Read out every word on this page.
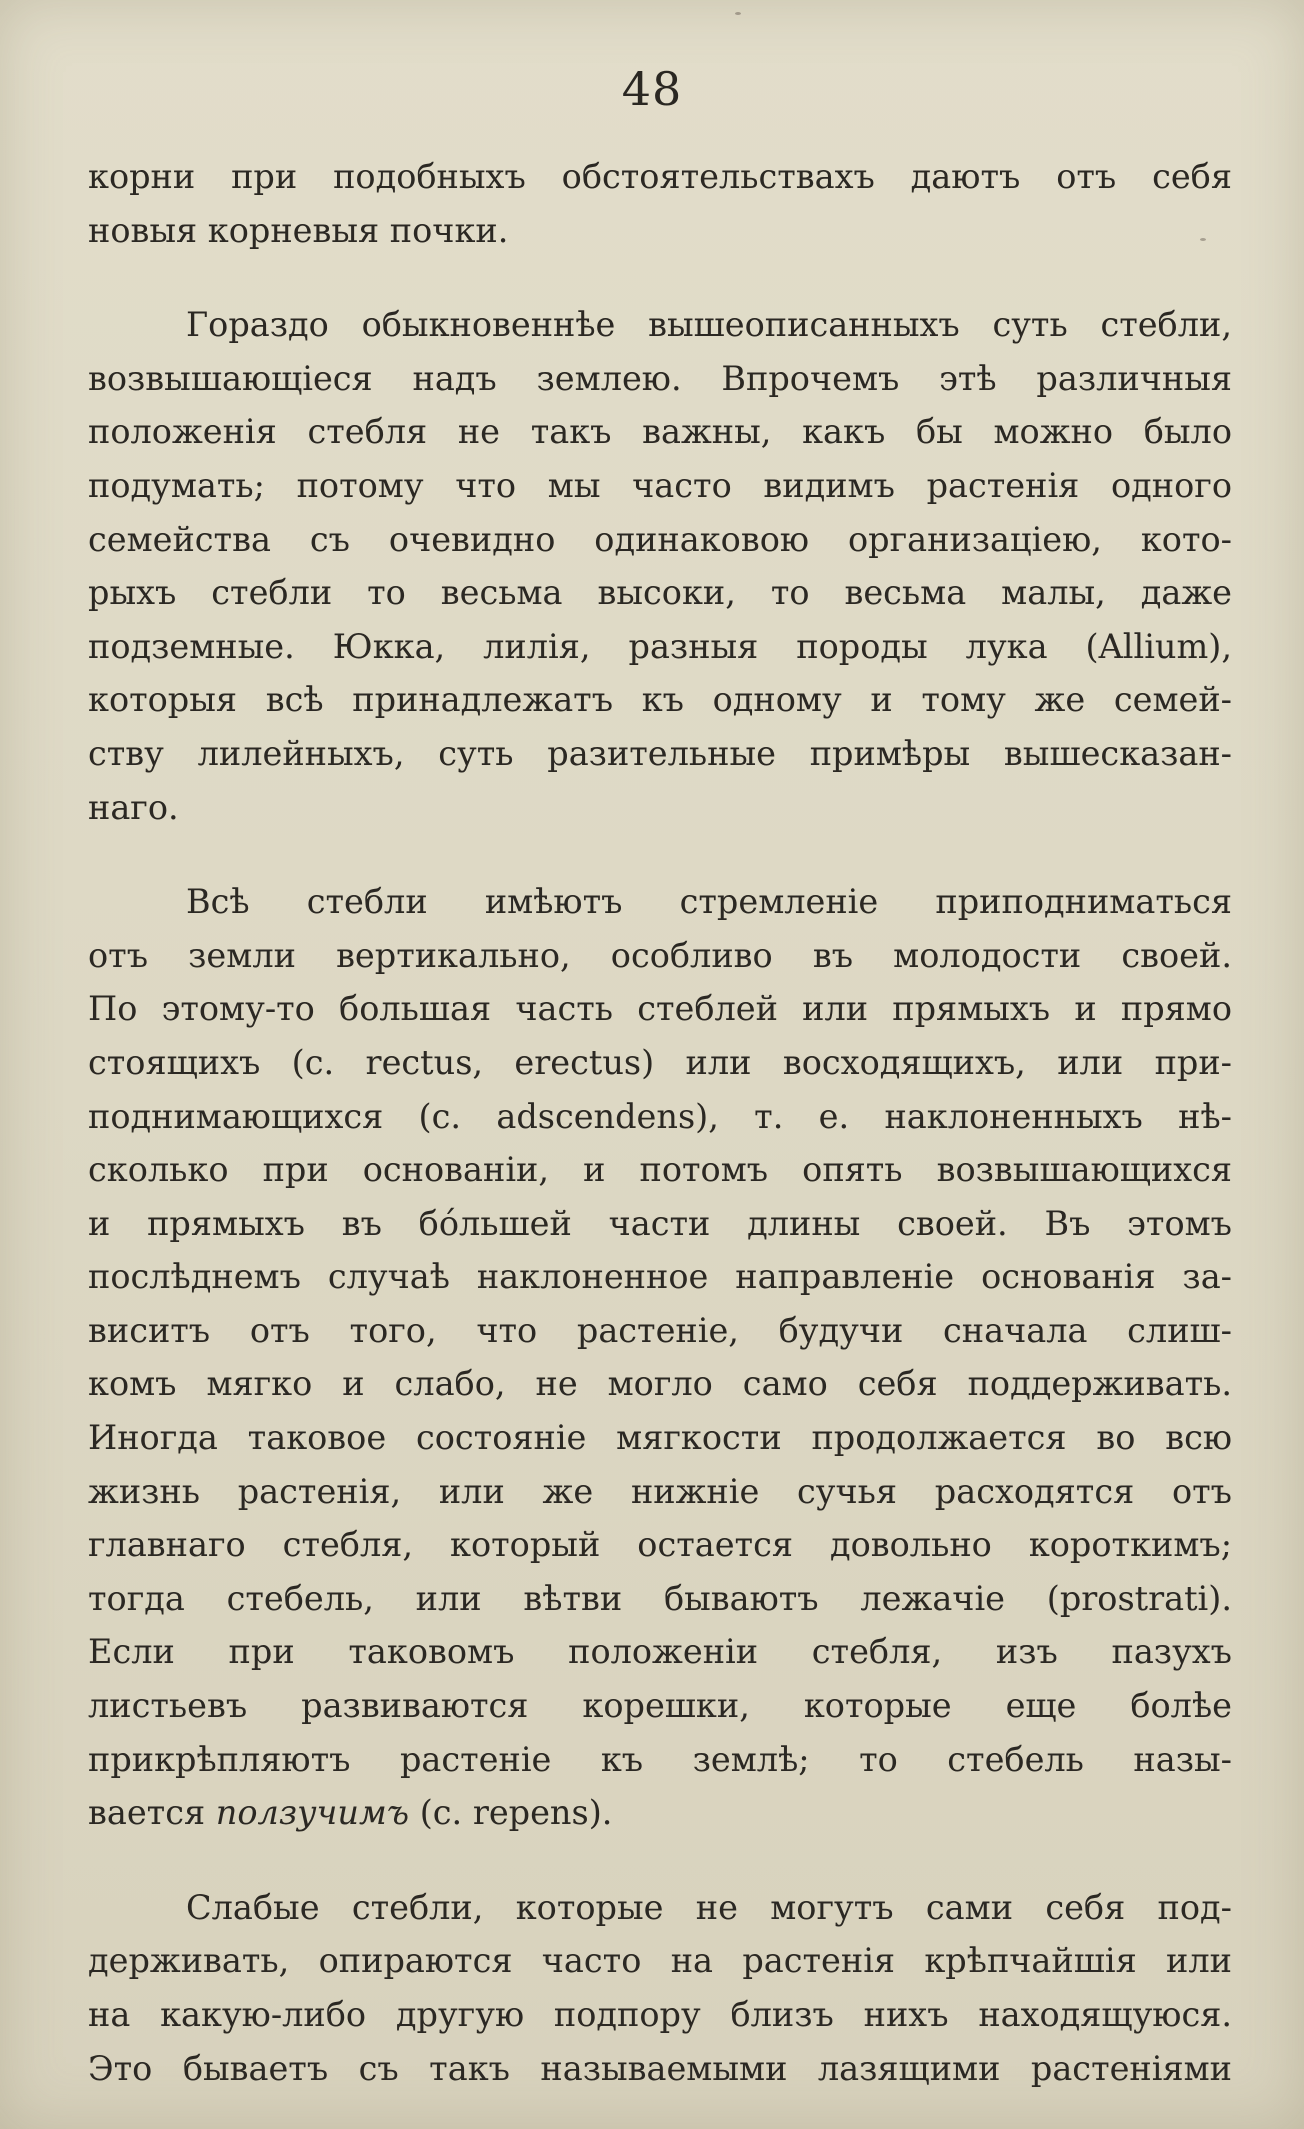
48

корни при подобныхъ обстоятельствахъ даютъ отъ себя
новыя корневыя почки.

Гораздо обыкновеннѣе вышеописанныхъ суть стебли,
возвышающіеся надъ землею. Впрочемъ этѣ различныя
положенія стебля не такъ важны, какъ бы можно было
подумать; потому что мы часто видимъ растенія одного
семейства съ очевидно одинаковою организаціею, кото-
рыхъ стебли то весьма высоки, то весьма малы, даже
подземные. Юкка, лилія, разныя породы лука (Allium),
которыя всѣ принадлежатъ къ одному и тому же семей-
ству лилейныхъ, суть разительные примѣры вышесказан-
наго.

Всѣ стебли имѣютъ стремленіе приподниматься
отъ земли вертикально, особливо въ молодости своей.
По этому-то большая часть стеблей или прямыхъ и прямо
стоящихъ (c. rectus, erectus) или восходящихъ, или при-
поднимающихся (c. adscendens), т. е. наклоненныхъ нѣ-
сколько при основаніи, и потомъ опять возвышающихся
и прямыхъ въ бо́льшей части длины своей. Въ этомъ
послѣднемъ случаѣ наклоненное направленіе основанія за-
виситъ отъ того, что растеніе, будучи сначала слиш-
комъ мягко и слабо, не могло само себя поддерживать.
Иногда таковое состояніе мягкости продолжается во всю
жизнь растенія, или же нижніе сучья расходятся отъ
главнаго стебля, который остается довольно короткимъ;
тогда стебель, или вѣтви бываютъ лежачіе (prostrati).
Если при таковомъ положеніи стебля, изъ пазухъ
листьевъ развиваются корешки, которые еще болѣе
прикрѣпляютъ растеніе къ землѣ; то стебель назы-
вается ползучимъ (c. repens).

Слабые стебли, которые не могутъ сами себя под-
держивать, опираются часто на растенія крѣпчайшія или
на какую-либо другую подпору близъ нихъ находящуюся.
Это бываетъ съ такъ называемыми лазящими растеніями
